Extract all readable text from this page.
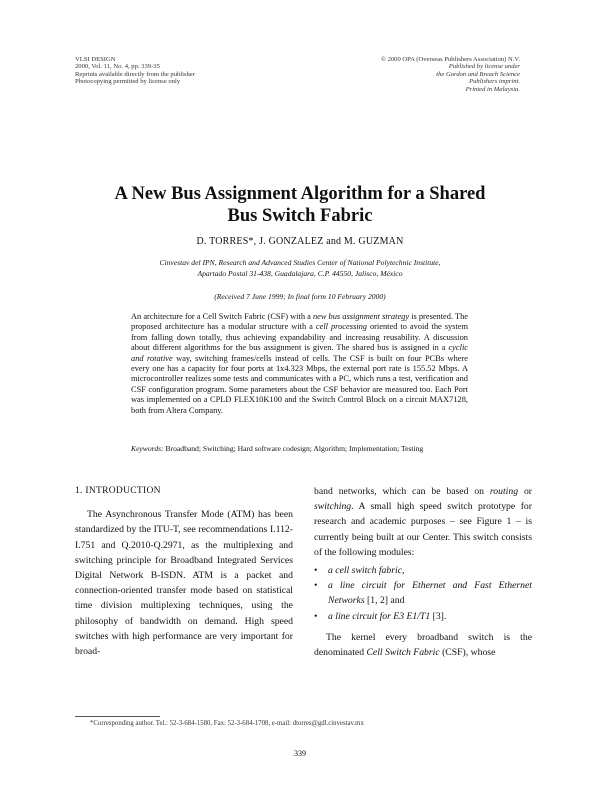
VLSI DESIGN
2000, Vol. 11, No. 4, pp. 339-35
Reprints available directly from the publisher
Photocopying permitted by license only
© 2000 OPA (Overseas Publishers Association) N.V.
Published by license under
the Gordon and Breach Science
Publishers imprint.
Printed in Malaysia.
A New Bus Assignment Algorithm for a Shared
Bus Switch Fabric
D. TORRES*, J. GONZALEZ and M. GUZMAN
Cinvestav del IPN, Research and Advanced Studies Center of National Polytechnic Institute,
Apartado Postal 31-438, Guadalajara, C.P. 44550, Jalisco, México
(Received 7 June 1999; In final form 10 February 2000)
An architecture for a Cell Switch Fabric (CSF) with a new bus assignment strategy is presented. The proposed architecture has a modular structure with a cell processing oriented to avoid the system from falling down totally, thus achieving expandability and increasing reusability. A discussion about different algorithms for the bus assignment is given. The shared bus is assigned in a cyclic and rotative way, switching frames/cells instead of cells. The CSF is built on four PCBs where every one has a capacity for four ports at 1x4.323 Mbps, the external port rate is 155.52 Mbps. A microcontroller realizes some tests and communicates with a PC, which runs a test, verification and CSF configuration program. Some parameters about the CSF behavior are measured too. Each Port was implemented on a CPLD FLEX10K100 and the Switch Control Block on a circuit MAX7128, both from Altera Company.
Keywords: Broadband; Switching; Hard software codesign; Algorithm; Implementation; Testing

1. INTRODUCTION

The Asynchronous Transfer Mode (ATM) has been standardized by the ITU-T, see recommendations I.112-I.751 and Q.2010-Q.2971, as the multiplexing and switching principle for Broadband Integrated Services Digital Network B-ISDN. ATM is a packet and connection-oriented transfer mode based on statistical time division multiplexing techniques, using the philosophy of bandwidth on demand. High speed switches with high performance are very important for broad-

band networks, which can be based on routing or switching. A small high speed switch prototype for research and academic purposes – see Figure 1 – is currently being built at our Center. This switch consists of the following modules:

• a cell switch fabric,
• a line circuit for Ethernet and Fast Ethernet Networks [1, 2] and
• a line circuit for E3 E1/T1 [3].

The kernel every broadband switch is the denominated Cell Switch Fabric (CSF), whose

*Corresponding author. Tel.: 52-3-684-1580, Fax: 52-3-684-1708, e-mail: dtorres@gdl.cinvestav.mx
339
